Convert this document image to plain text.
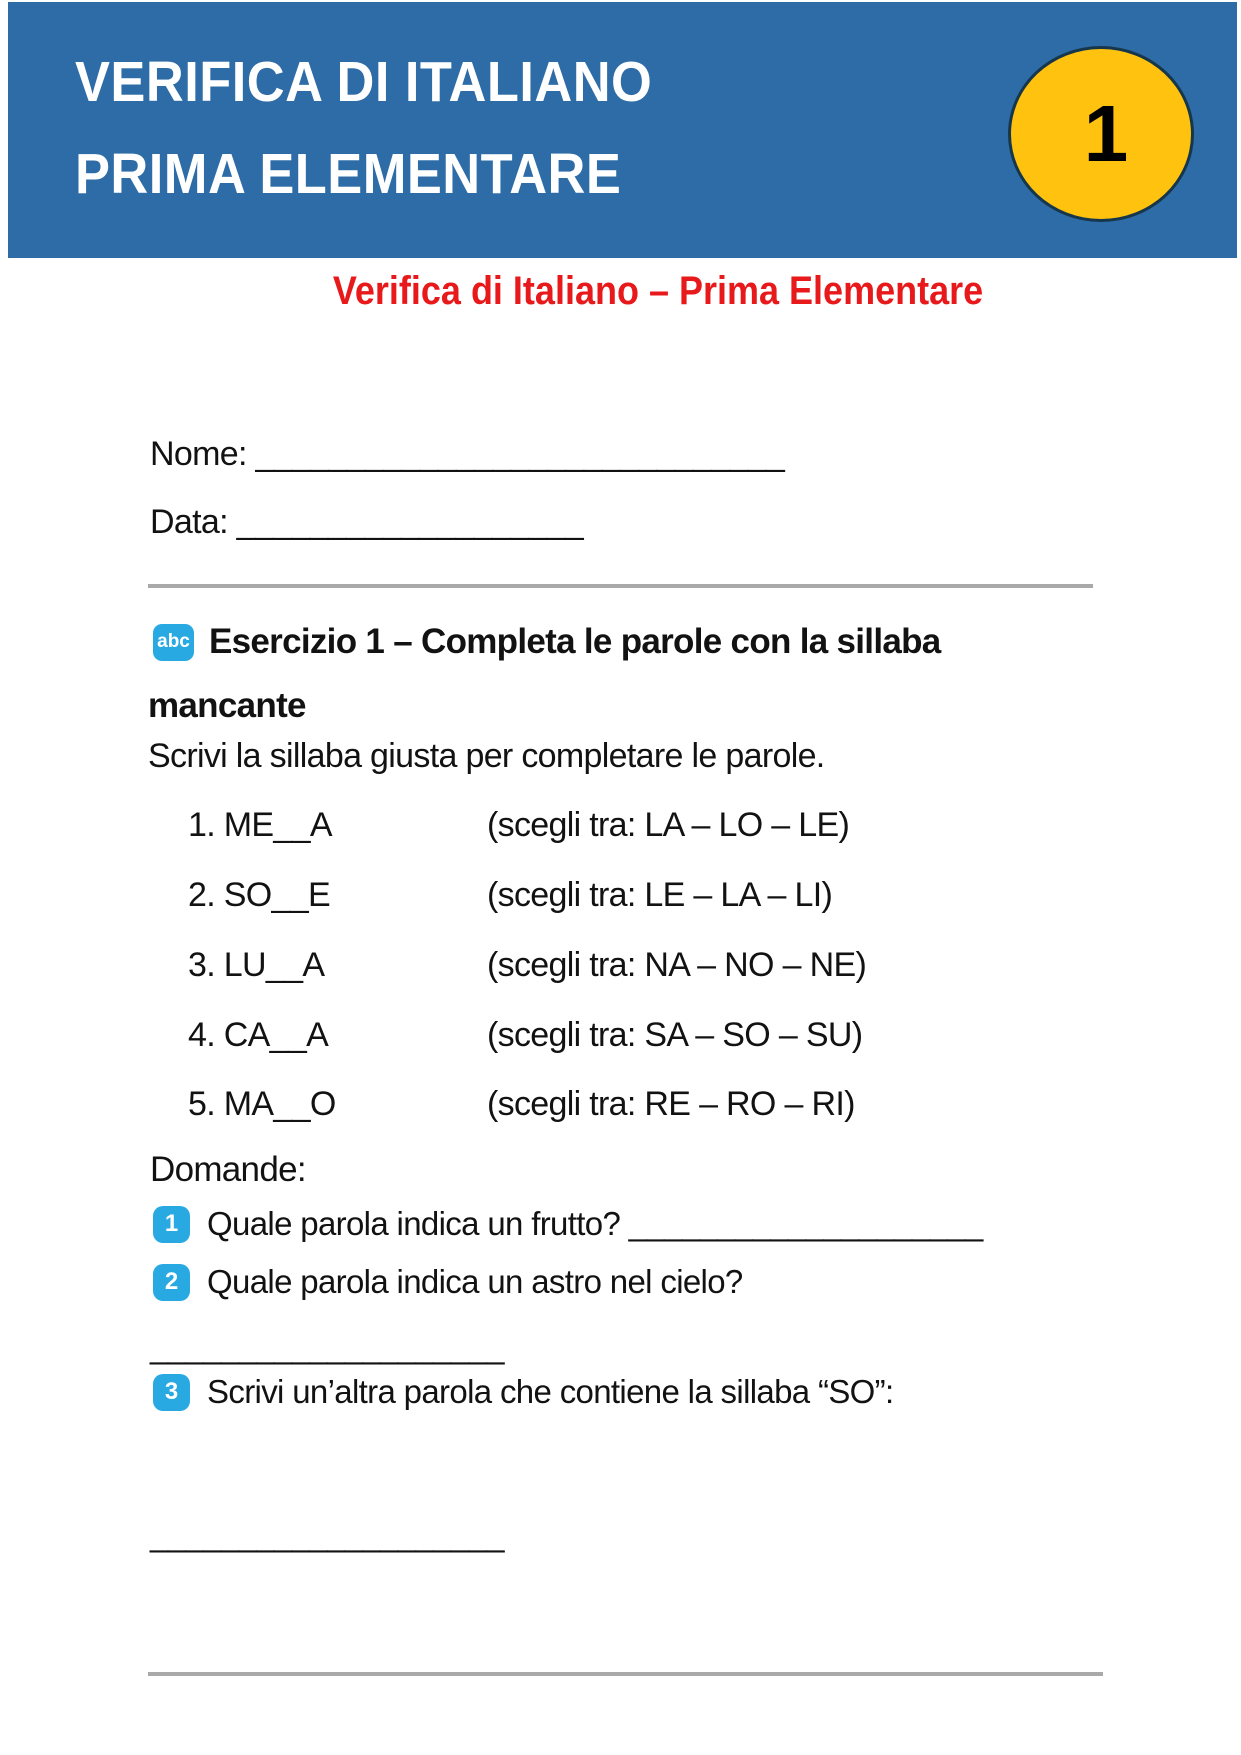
VERIFICA DI ITALIANO
PRIMA ELEMENTARE	1
Verifica di Italiano – Prima Elementare
Nome: _____________________________
Data: ___________________
abc Esercizio 1 – Completa le parole con la sillaba
mancante
Scrivi la sillaba giusta per completare le parole.
1. ME__A	(scegli tra: LA – LO – LE)
2. SO__E	(scegli tra: LE – LA – LI)
3. LU__A	(scegli tra: NA – NO – NE)
4. CA__A	(scegli tra: SA – SO – SU)
5. MA__O	(scegli tra: RE – RO – RI)
Domande:
1 Quale parola indica un frutto? ____________________
2 Quale parola indica un astro nel cielo?
____________________
3 Scrivi un’altra parola che contiene la sillaba “SO”:
____________________
